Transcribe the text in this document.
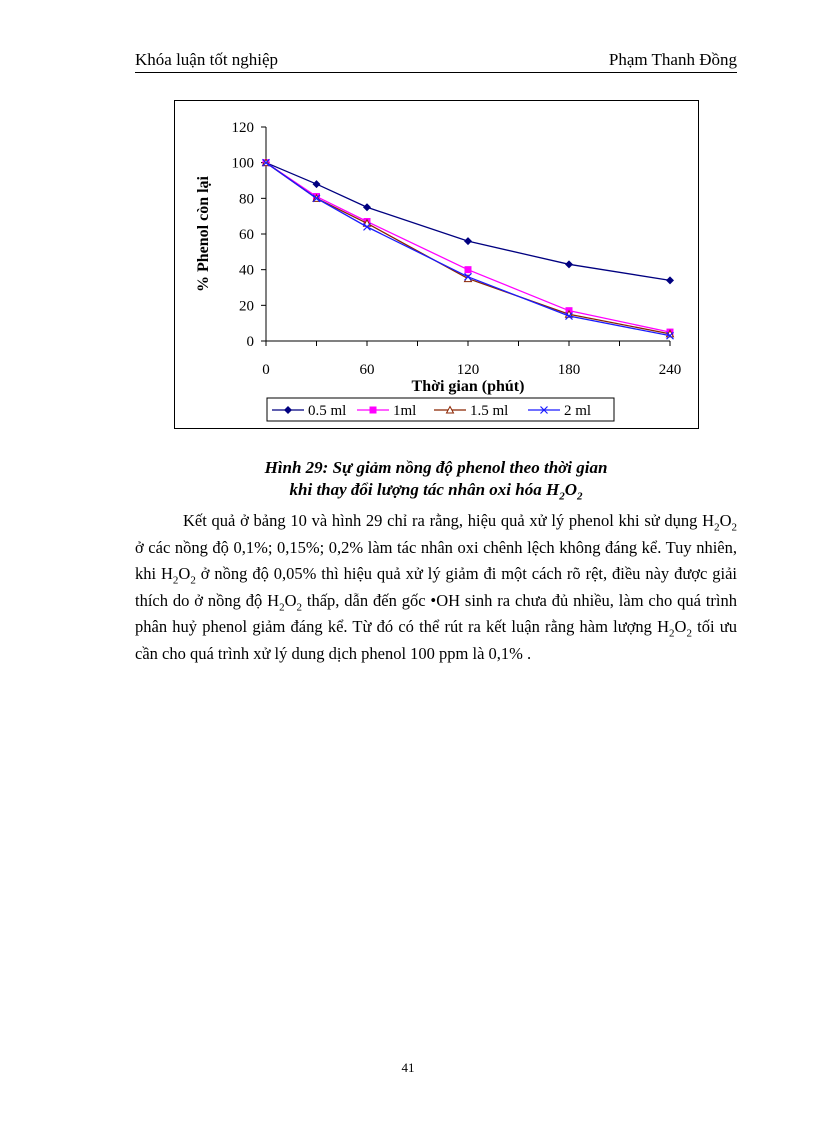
Khóa luận tốt nghiệp	Phạm Thanh Đồng
0
20
40
60
80
100
120
0	60	120	180	240
Thời gian (phút)
% Phenol còn lại
0.5 ml	1ml	1.5 ml	2 ml
Hình 29: Sự giảm nồng độ phenol theo thời gian
khi thay đổi lượng tác nhân oxi hóa $H_2O_2$

Kết quả ở bảng 10 và hình 29 chỉ ra rằng, hiệu quả xử lý phenol khi sử dụng $H_2O_2$ ở các nồng độ 0,1%; 0,15%; 0,2% làm tác nhân oxi chênh lệch không đáng kể. Tuy nhiên, khi $H_2O_2$ ở nồng độ 0,05% thì hiệu quả xử lý giảm đi một cách rõ rệt, điều này được giải thích do ở nồng độ $H_2O_2$ thấp, dẫn đến gốc •OH sinh ra chưa đủ nhiều, làm cho quá trình phân huỷ phenol giảm đáng kể. Từ đó có thể rút ra kết luận rằng hàm lượng $H_2O_2$ tối ưu cần cho quá trình xử lý dung dịch phenol 100 ppm là 0,1% .

41
